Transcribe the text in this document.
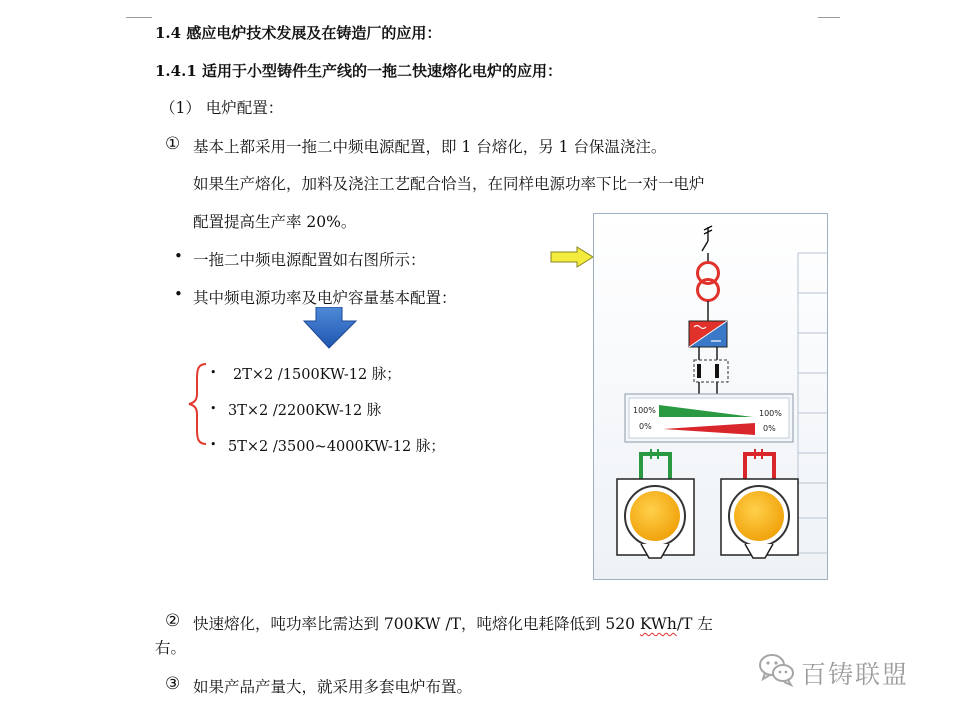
1.4 感应电炉技术发展及在铸造厂的应用：
1.4.1 适用于小型铸件生产线的一拖二快速熔化电炉的应用：
（1） 电炉配置：
① 基本上都采用一拖二中频电源配置，即 1 台熔化，另 1 台保温浇注。
如果生产熔化，加料及浇注工艺配合恰当，在同样电源功率下比一对一电炉
配置提高生产率 20%。
• 一拖二中频电源配置如右图所示：
• 其中频电源功率及电炉容量基本配置：
• 2T×2 /1500KW-12 脉；
• 3T×2 /2200KW-12 脉
• 5T×2 /3500~4000KW-12 脉；
100%
0%
100%
0%
② 快速熔化，吨功率比需达到 700KW /T，吨熔化电耗降低到 520 KWh/T 左
右。
③ 如果产品产量大，就采用多套电炉布置。	百铸联盟
